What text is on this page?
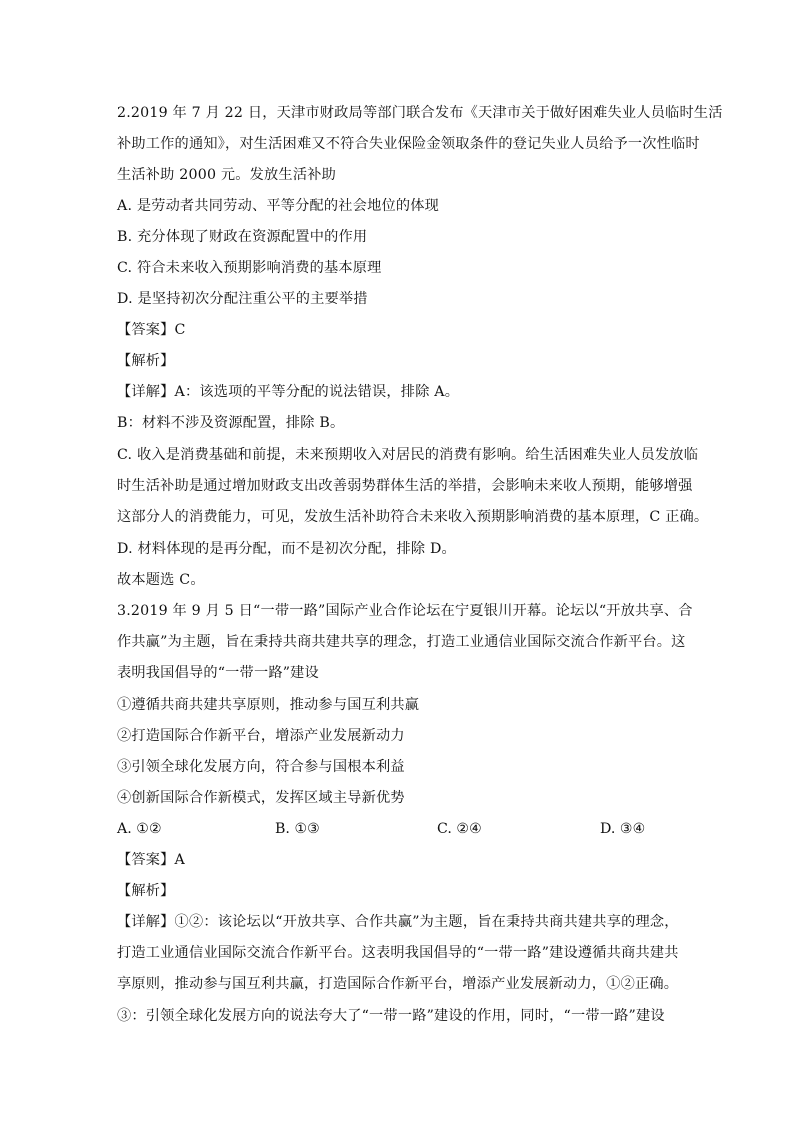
2.2019 年 7 月 22 日，天津市财政局等部门联合发布《天津市关于做好困难失业人员临时生活
补助工作的通知》，对生活困难又不符合失业保险金领取条件的登记失业人员给予一次性临时
生活补助 2000 元。发放生活补助
A. 是劳动者共同劳动、平等分配的社会地位的体现
B. 充分体现了财政在资源配置中的作用
C. 符合未来收入预期影响消费的基本原理
D. 是坚持初次分配注重公平的主要举措
【答案】C
【解析】
【详解】A：该选项的平等分配的说法错误，排除 A。
B：材料不涉及资源配置，排除 B。
C. 收入是消费基础和前提，未来预期收入对居民的消费有影响。给生活困难失业人员发放临
时生活补助是通过增加财政支出改善弱势群体生活的举措，会影响未来收人预期，能够增强
这部分人的消费能力，可见，发放生活补助符合未来收入预期影响消费的基本原理，C 正确。
D. 材料体现的是再分配，而不是初次分配，排除 D。
故本题选 C。
3.2019 年 9 月 5 日“一带一路”国际产业合作论坛在宁夏银川开幕。论坛以“开放共享、合
作共赢”为主题，旨在秉持共商共建共享的理念，打造工业通信业国际交流合作新平台。这
表明我国倡导的“一带一路”建设
①遵循共商共建共享原则，推动参与国互利共赢
②打造国际合作新平台，增添产业发展新动力
③引领全球化发展方向，符合参与国根本利益
④创新国际合作新模式，发挥区域主导新优势
A. ①②	B. ①③	C. ②④	D. ③④
【答案】A
【解析】
【详解】①②：该论坛以“开放共享、合作共赢”为主题，旨在秉持共商共建共享的理念，
打造工业通信业国际交流合作新平台。这表明我国倡导的“一带一路”建设遵循共商共建共
享原则，推动参与国互利共赢，打造国际合作新平台，增添产业发展新动力，①②正确。
③：引领全球化发展方向的说法夸大了“一带一路”建设的作用，同时，“一带一路”建设
